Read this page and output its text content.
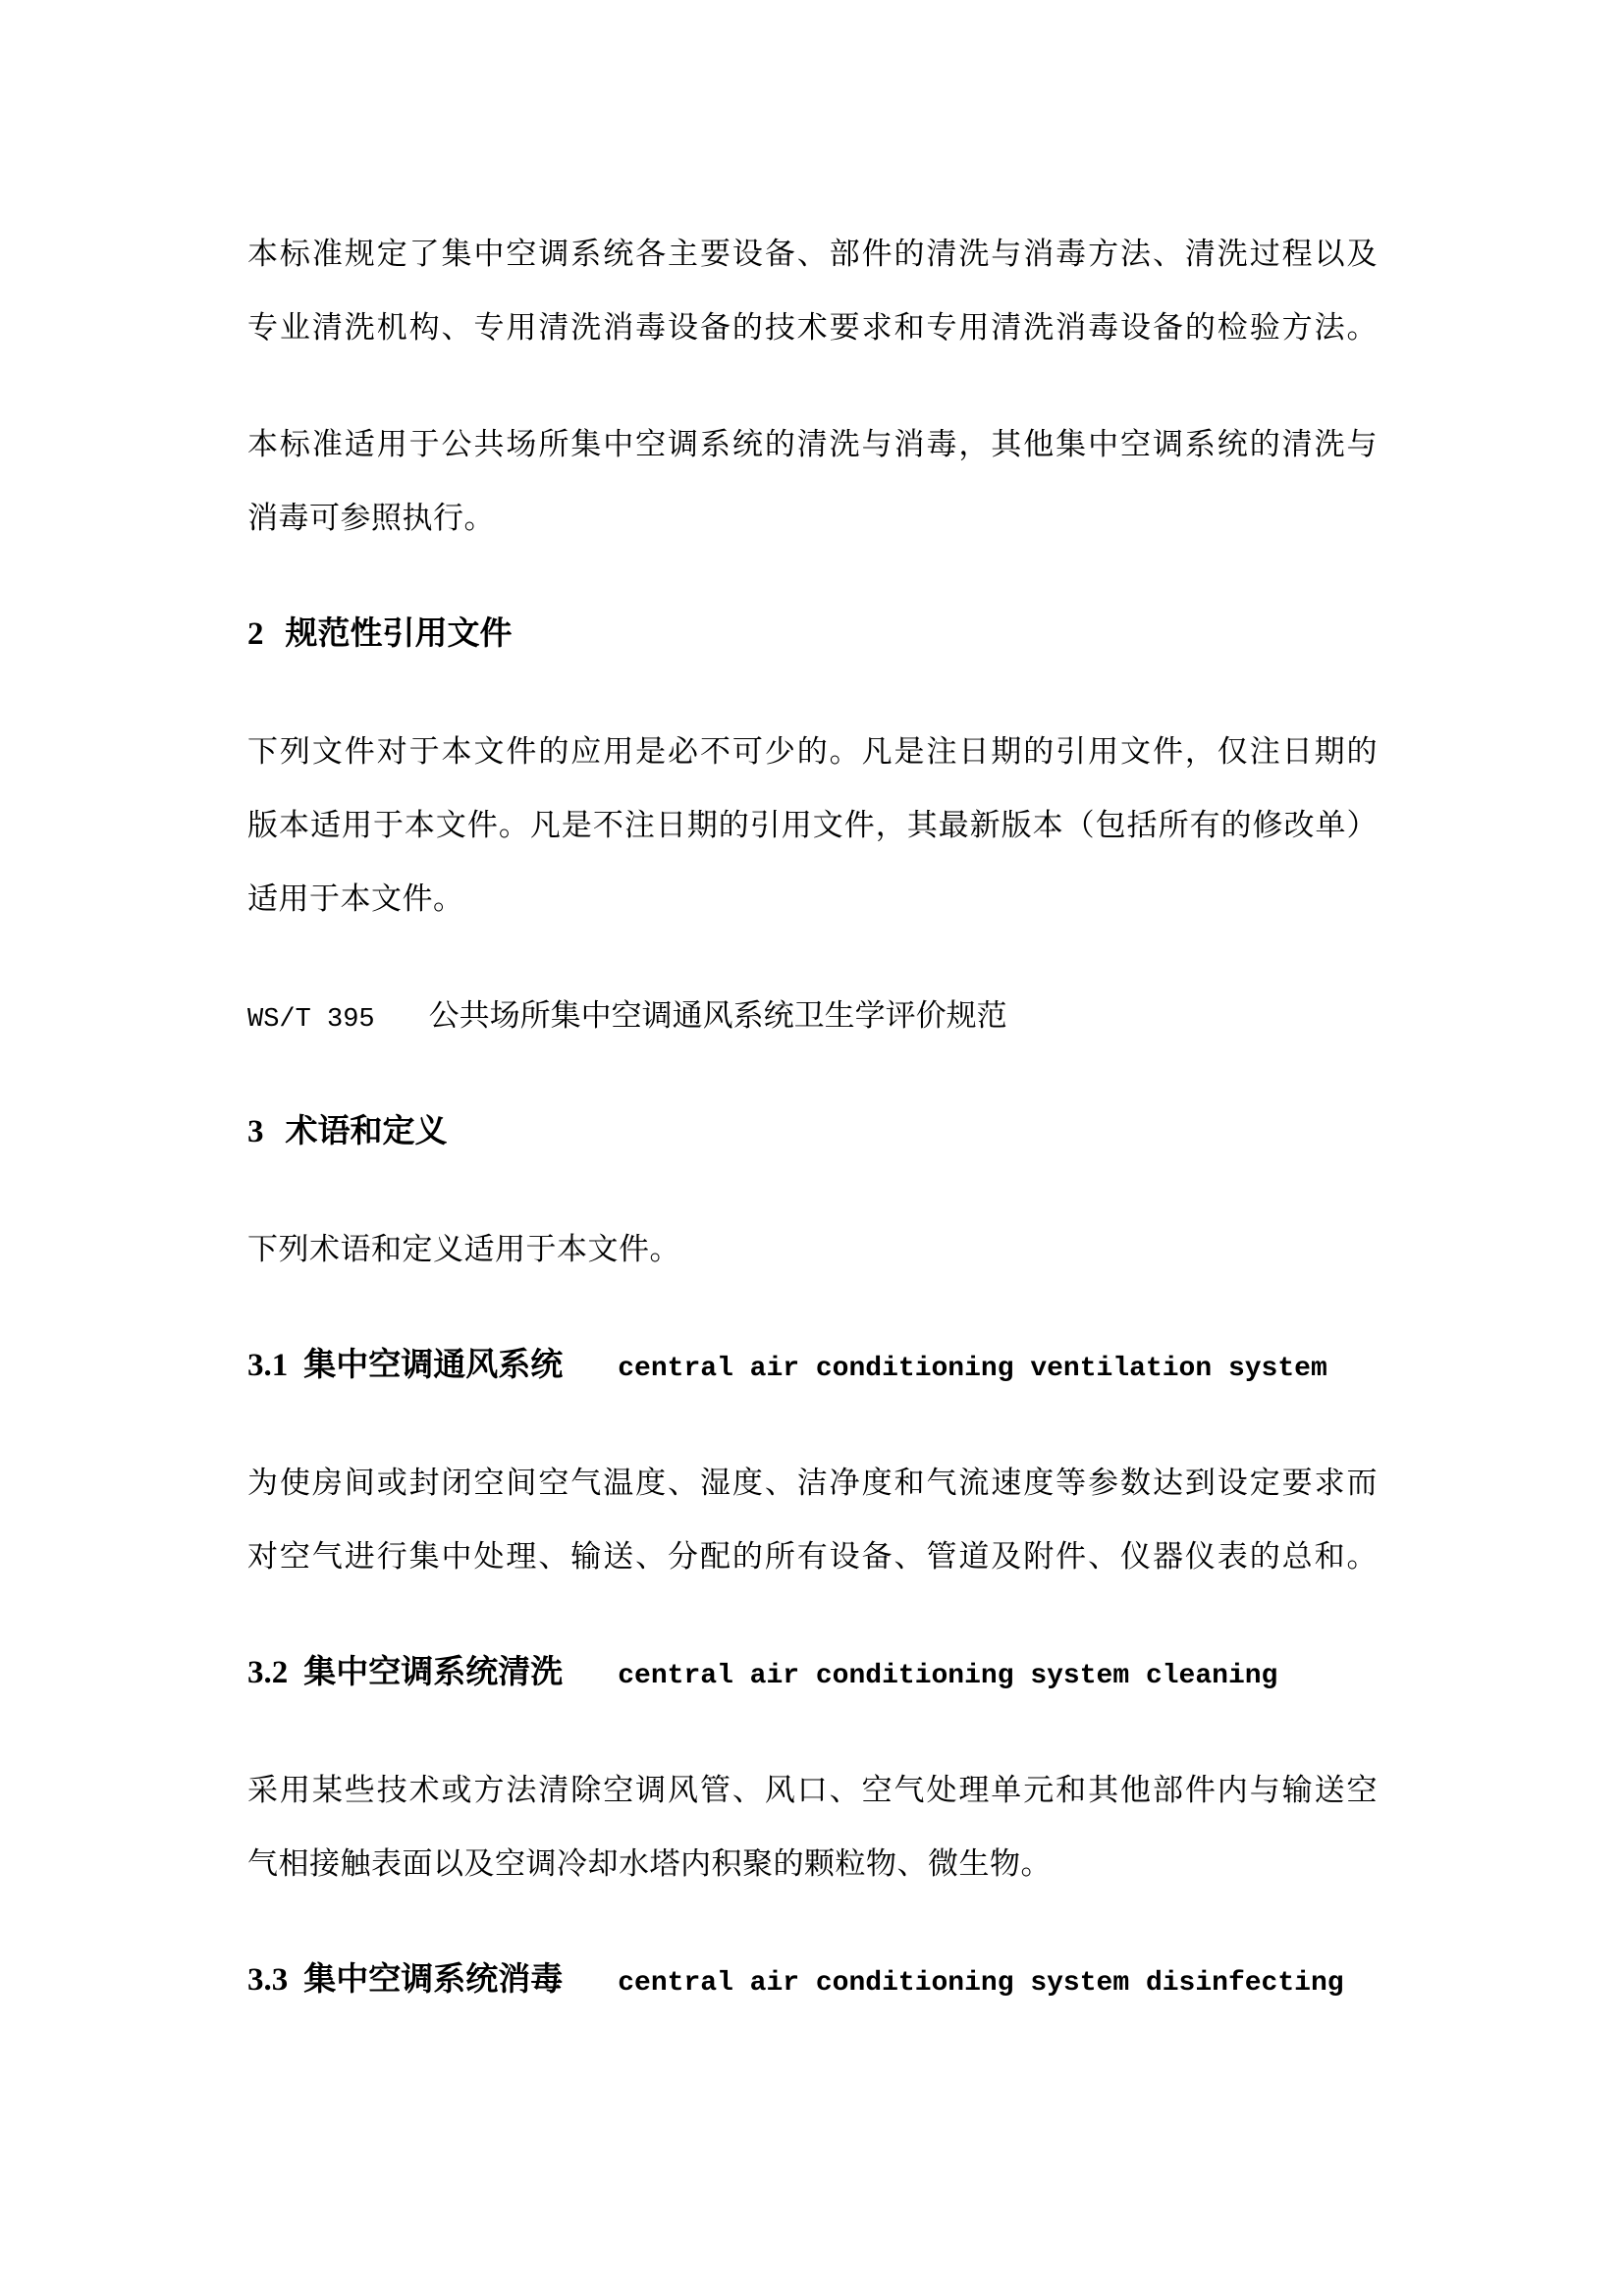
本标准规定了集中空调系统各主要设备、部件的清洗与消毒方法、清洗过程以及
专业清洗机构、专用清洗消毒设备的技术要求和专用清洗消毒设备的检验方法。
本标准适用于公共场所集中空调系统的清洗与消毒，其他集中空调系统的清洗与
消毒可参照执行。
2 规范性引用文件
下列文件对于本文件的应用是必不可少的。凡是注日期的引用文件，仅注日期的
版本适用于本文件。凡是不注日期的引用文件，其最新版本（包括所有的修改单）
适用于本文件。
WS/T 395 公共场所集中空调通风系统卫生学评价规范
3 术语和定义
下列术语和定义适用于本文件。
3.1 集中空调通风系统 central air conditioning ventilation system
为使房间或封闭空间空气温度、湿度、洁净度和气流速度等参数达到设定要求而
对空气进行集中处理、输送、分配的所有设备、管道及附件、仪器仪表的总和。
3.2 集中空调系统清洗 central air conditioning system cleaning
采用某些技术或方法清除空调风管、风口、空气处理单元和其他部件内与输送空
气相接触表面以及空调冷却水塔内积聚的颗粒物、微生物。
3.3 集中空调系统消毒 central air conditioning system disinfecting
